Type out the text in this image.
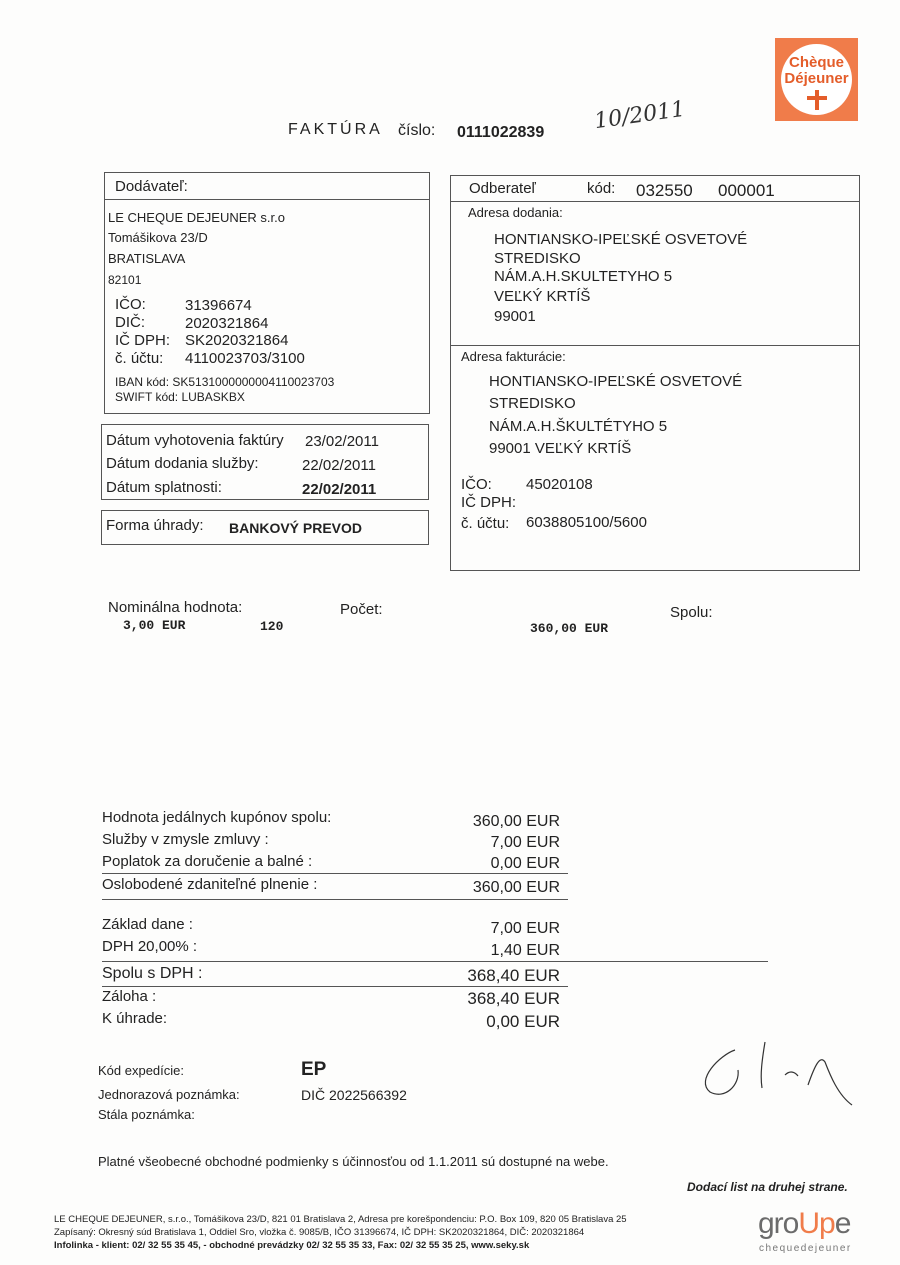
Chèque
Déjeuner
FAKTÚRA číslo: 0111022839 10/2011
Dodávateľ:
LE CHEQUE DEJEUNER s.r.o
Tomášikova 23/D
BRATISLAVA
82101
IČO:	31396674
DIČ:	2020321864
IČ DPH: SK2020321864
č. účtu: 4110023703/3100
IBAN kód: SK5131000000004110023703
SWIFT kód: LUBASKBX
Dátum vyhotovenia faktúry 23/02/2011
Dátum dodania služby:	22/02/2011
Dátum splatnosti:	22/02/2011
Forma úhrady: BANKOVÝ PREVOD
Odberateľ	kód: 032550 000001
Adresa dodania:
HONTIANSKO-IPEĽSKÉ OSVETOVÉ
STREDISKO
NÁM.A.H.SKULTETYHO 5
VEĽKÝ KRTÍŠ
99001
Adresa fakturácie:
HONTIANSKO-IPEĽSKÉ OSVETOVÉ
STREDISKO
NÁM.A.H.ŠKULTÉTYHO 5
99001 VEĽKÝ KRTÍŠ
IČO: 45020108
IČ DPH:
č. účtu: 6038805100/5600
Nominálna hodnota:	Počet:	Spolu:
3,00 EUR	120	360,00 EUR
Hodnota jedálnych kupónov spolu:	360,00 EUR
Služby v zmysle zmluvy :	7,00 EUR
Poplatok za doručenie a balné :	0,00 EUR
Oslobodené zdaniteľné plnenie :	360,00 EUR
Základ dane :	7,00 EUR
DPH 20,00% :	1,40 EUR
Spolu s DPH :	368,40 EUR
Záloha :	368,40 EUR
K úhrade:	0,00 EUR
Kód expedície:	EP
Jednorazová poznámka:	DIČ 2022566392
Stála poznámka:
Platné všeobecné obchodné podmienky s účinnosťou od 1.1.2011 sú dostupné na webe.
Dodací list na druhej strane.
LE CHEQUE DEJEUNER, s.r.o., Tomášikova 23/D, 821 01 Bratislava 2, Adresa pre korešpondenciu: P.O. Box 109, 820 05 Bratislava 25
Zapísaný: Okresný súd Bratislava 1, Oddiel Sro, vložka č. 9085/B, IČO 31396674, IČ DPH: SK2020321864, DIČ: 2020321864
Infolinka - klient: 02/ 32 55 35 45, - obchodné prevádzky 02/ 32 55 35 33, Fax: 02/ 32 55 35 25, www.seky.sk
groUpe
chequedejeuner
